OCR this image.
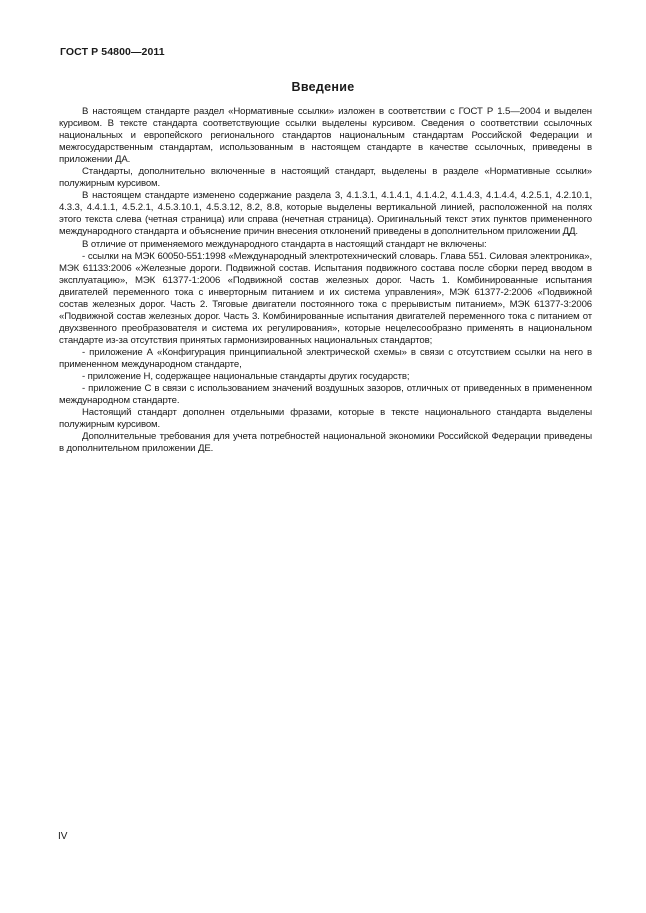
ГОСТ Р 54800—2011
Введение

В настоящем стандарте раздел «Нормативные ссылки» изложен в соответствии с ГОСТ Р 1.5—2004 и выделен курсивом. В тексте стандарта соответствующие ссылки выделены курсивом. Сведения о соответствии ссылочных национальных и европейского регионального стандартов национальным стандартам Российской Федерации и межгосударственным стандартам, использованным в настоящем стандарте в качестве ссылочных, приведены в приложении ДА.

Стандарты, дополнительно включенные в настоящий стандарт, выделены в разделе «Нормативные ссылки» полужирным курсивом.

В настоящем стандарте изменено содержание раздела 3, 4.1.3.1, 4.1.4.1, 4.1.4.2, 4.1.4.3, 4.1.4.4, 4.2.5.1, 4.2.10.1, 4.3.3, 4.4.1.1, 4.5.2.1, 4.5.3.10.1, 4.5.3.12, 8.2, 8.8, которые выделены вертикальной линией, расположенной на полях этого текста слева (четная страница) или справа (нечетная страница). Оригинальный текст этих пунктов примененного международного стандарта и объяснение причин внесения отклонений приведены в дополнительном приложении ДД.

В отличие от применяемого международного стандарта в настоящий стандарт не включены:

- ссылки на МЭК 60050-551:1998 «Международный электротехнический словарь. Глава 551. Силовая электроника», МЭК 61133:2006 «Железные дороги. Подвижной состав. Испытания подвижного состава после сборки перед вводом в эксплуатацию», МЭК 61377-1:2006 «Подвижной состав железных дорог. Часть 1. Комбинированные испытания двигателей переменного тока с инверторным питанием и их система управления», МЭК 61377-2:2006 «Подвижной состав железных дорог. Часть 2. Тяговые двигатели постоянного тока с прерывистым питанием», МЭК 61377-3:2006 «Подвижной состав железных дорог. Часть 3. Комбинированные испытания двигателей переменного тока с питанием от двухзвенного преобразователя и система их регулирования», которые нецелесообразно применять в национальном стандарте из-за отсутствия принятых гармонизированных национальных стандартов;

- приложение А «Конфигурация принципиальной электрической схемы» в связи с отсутствием ссылки на него в примененном международном стандарте,

- приложение Н, содержащее национальные стандарты других государств;

- приложение С в связи с использованием значений воздушных зазоров, отличных от приведенных в примененном международном стандарте.

Настоящий стандарт дополнен отдельными фразами, которые в тексте национального стандарта выделены полужирным курсивом.

Дополнительные требования для учета потребностей национальной экономики Российской Федерации приведены в дополнительном приложении ДЕ.

IV
